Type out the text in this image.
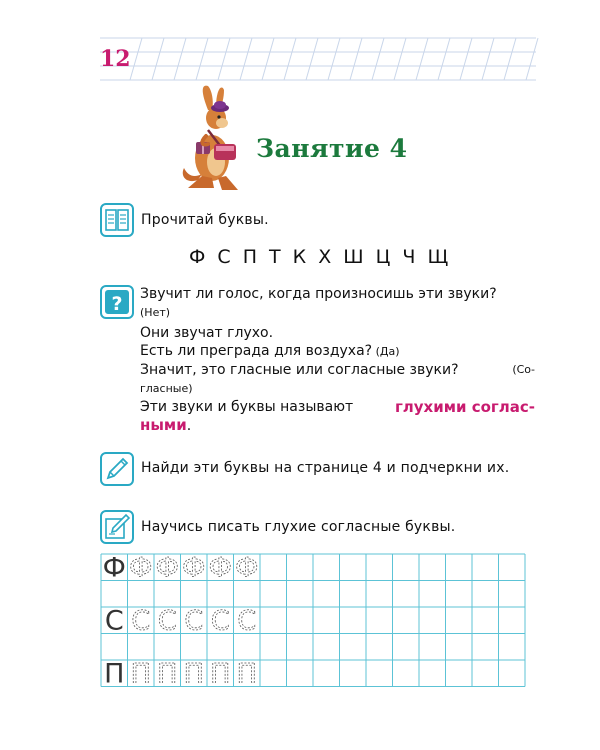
12
Занятие 4
Прочитай буквы.
Ф С П Т К Х Ш Ц Ч Щ
? Звучит ли голос, когда произносишь эти звуки?
(Нет)
Они звучат глухо.
Есть ли преграда для воздуха? (Да)
Значит, это гласные или согласные звуки?	(Со-
гласные)
Эти звуки и буквы называют	глухими соглас-
ными.
Найди эти буквы на странице 4 и подчеркни их.
Научись писать глухие согласные буквы.
Ф Ф Ф Ф Ф Ф
С С С С С С
П П П П П П
